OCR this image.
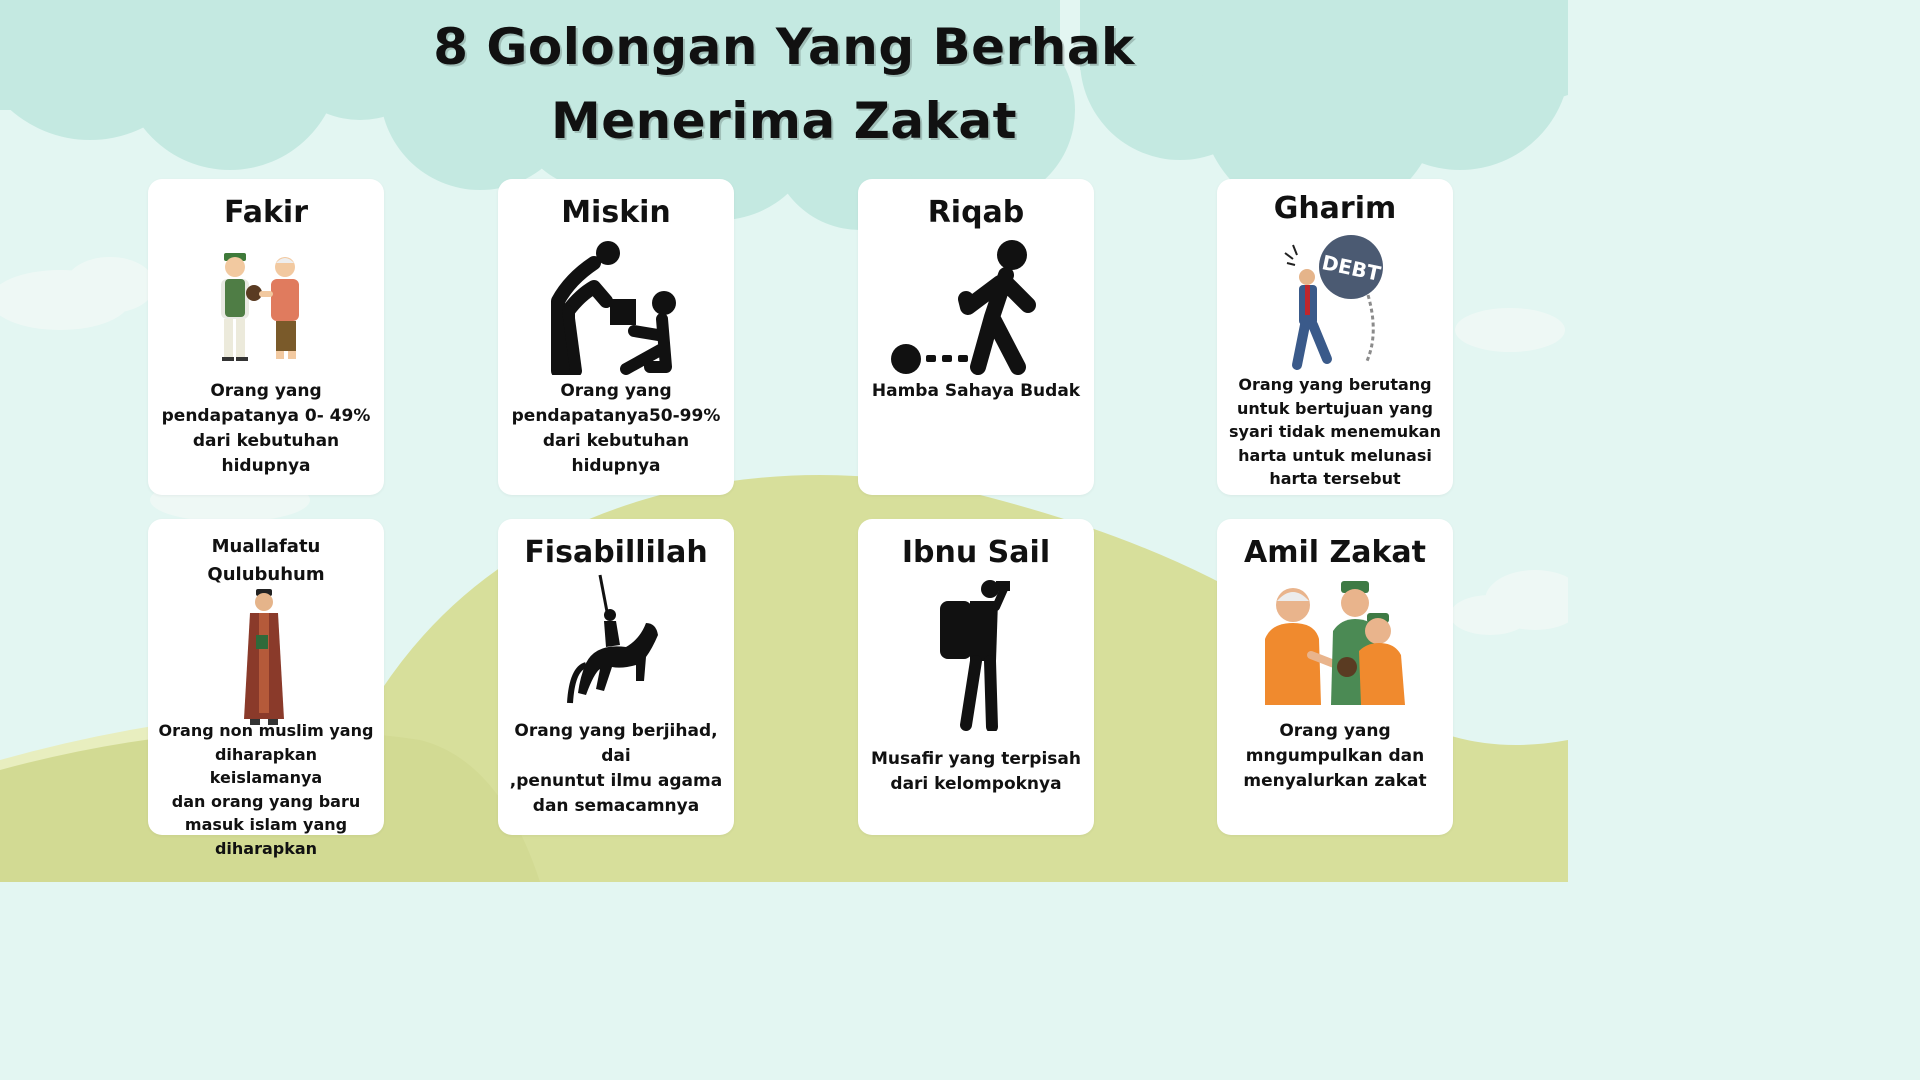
8 Golongan Yang Berhak
Menerima Zakat
Fakir
Orang yang
pendapatanya 0- 49%
dari kebutuhan
hidupnya
Miskin
Orang yang
pendapatanya50-99%
dari kebutuhan
hidupnya
Riqab
Hamba Sahaya Budak
Gharim
DEBT
Orang yang berutang
untuk bertujuan yang
syari tidak menemukan
harta untuk melunasi
harta tersebut
Muallafatu
Qulubuhum
Orang non muslim yang
diharapkan keislamanya
dan orang yang baru
masuk islam yang
diharapkan
Fisabillilah
Orang yang berjihad, dai
,penuntut ilmu agama
dan semacamnya
Ibnu Sail
Musafir yang terpisah
dari kelompoknya
Amil Zakat
Orang yang
mngumpulkan dan
menyalurkan zakat
